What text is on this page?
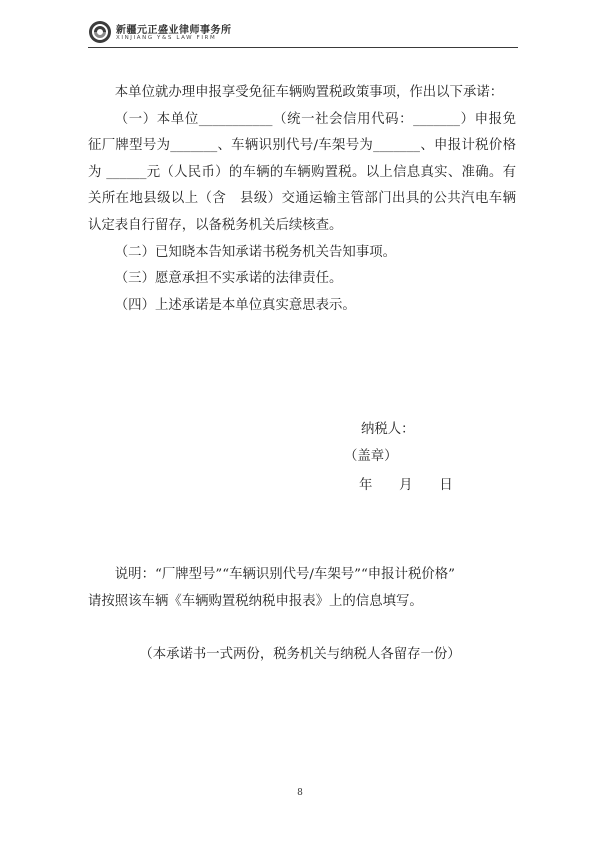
新疆元正盛业律师事务所
XINJIANG Y&S LAW FIRM

本单位就办理申报享受免征车辆购置税政策事项，作出以下承诺：

（一）本单位___________（统一社会信用代码：_______）申报免征厂牌型号为_______、车辆识别代号/车架号为_______、申报计税价格为 ______元（人民币）的车辆的车辆购置税。以上信息真实、准确。有关所在地县级以上（含　县级）交通运输主管部门出具的公共汽电车辆认定表自行留存，以备税务机关后续核查。

（二）已知晓本告知承诺书税务机关告知事项。

（三）愿意承担不实承诺的法律责任。

（四）上述承诺是本单位真实意思表示。

纳税人：
（盖章）
年　　月　　日

说明：“厂牌型号”“车辆识别代号/车架号”“申报计税价格”

请按照该车辆《车辆购置税纳税申报表》上的信息填写。

（本承诺书一式两份，税务机关与纳税人各留存一份）
8
